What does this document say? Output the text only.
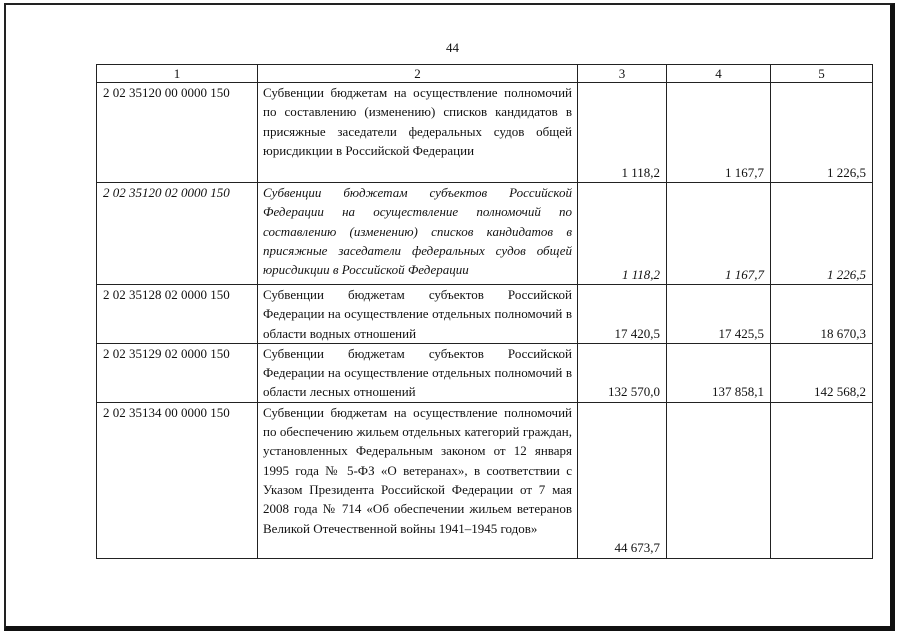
44
1	2	3	4	5
2 02 35120 00 0000 150	Субвенции бюджетам на осуществление полномочий по составлению (изменению) списков кандидатов в присяжные заседатели федеральных судов общей юрисдикции в Российской Федерации	1 118,2	1 167,7	1 226,5
2 02 35120 02 0000 150	Субвенции бюджетам субъектов Российской Федерации на осуществление полномочий по составлению (изменению) списков кандидатов в присяжные заседатели федеральных судов общей юрисдикции в Российской Федерации	1 118,2	1 167,7	1 226,5
2 02 35128 02 0000 150	Субвенции бюджетам субъектов Российской Федерации на осуществление отдельных полномочий в области водных отношений	17 420,5	17 425,5	18 670,3
2 02 35129 02 0000 150	Субвенции бюджетам субъектов Российской Федерации на осуществление отдельных полномочий в области лесных отношений	132 570,0	137 858,1	142 568,2
2 02 35134 00 0000 150	Субвенции бюджетам на осуществление полномочий по обеспечению жильем отдельных категорий граждан, установленных Федеральным законом от 12 января 1995 года № 5-ФЗ «О ветеранах», в соответствии с Указом Президента Российской Федерации от 7 мая 2008 года № 714 «Об обеспечении жильем ветеранов Великой Отечественной войны 1941–1945 годов»	44 673,7		
